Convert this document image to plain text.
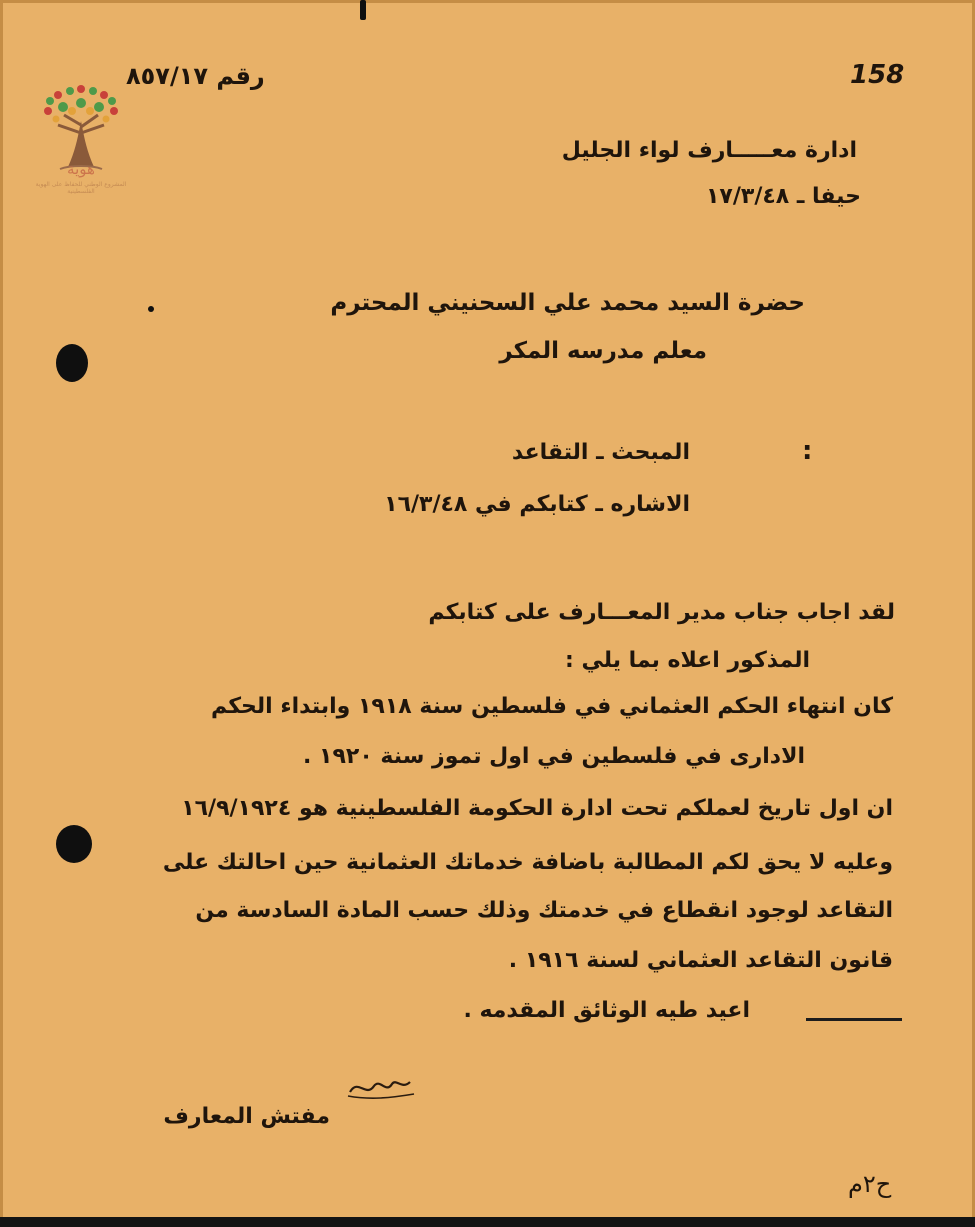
هوية
المشروع الوطني للحفاظ على الهوية الفلسطينية
رقم ٨٥٧/١٧	158
ادارة معـــــارف لواء الجليل
حيفا ـ ١٧/٣/٤٨
حضرة السيد محمد علي السحنيني المحترم
معلم مدرسه المكر
:
المبحث ـ التقاعد
الاشاره ـ كتابكم في ١٦/٣/٤٨
لقد اجاب جناب مدير المعـــارف على كتابكم
المذكور اعلاه بما يلي :
كان انتهاء الحكم العثماني في فلسطين سنة ١٩١٨ وابتداء الحكم
الادارى في فلسطين في اول تموز سنة ١٩٢٠ .
ان اول تاريخ لعملكم تحت ادارة الحكومة الفلسطينية هو ١٦/٩/١٩٢٤
وعليه لا يحق لكم المطالبة باضافة خدماتك العثمانية حين احالتك على
التقاعد لوجود انقطاع في خدمتك وذلك حسب المادة السادسة من
قانون التقاعد العثماني لسنة ١٩١٦ .
اعيد طيه الوثائق المقدمه .
مفتش المعارف
ح٢م
